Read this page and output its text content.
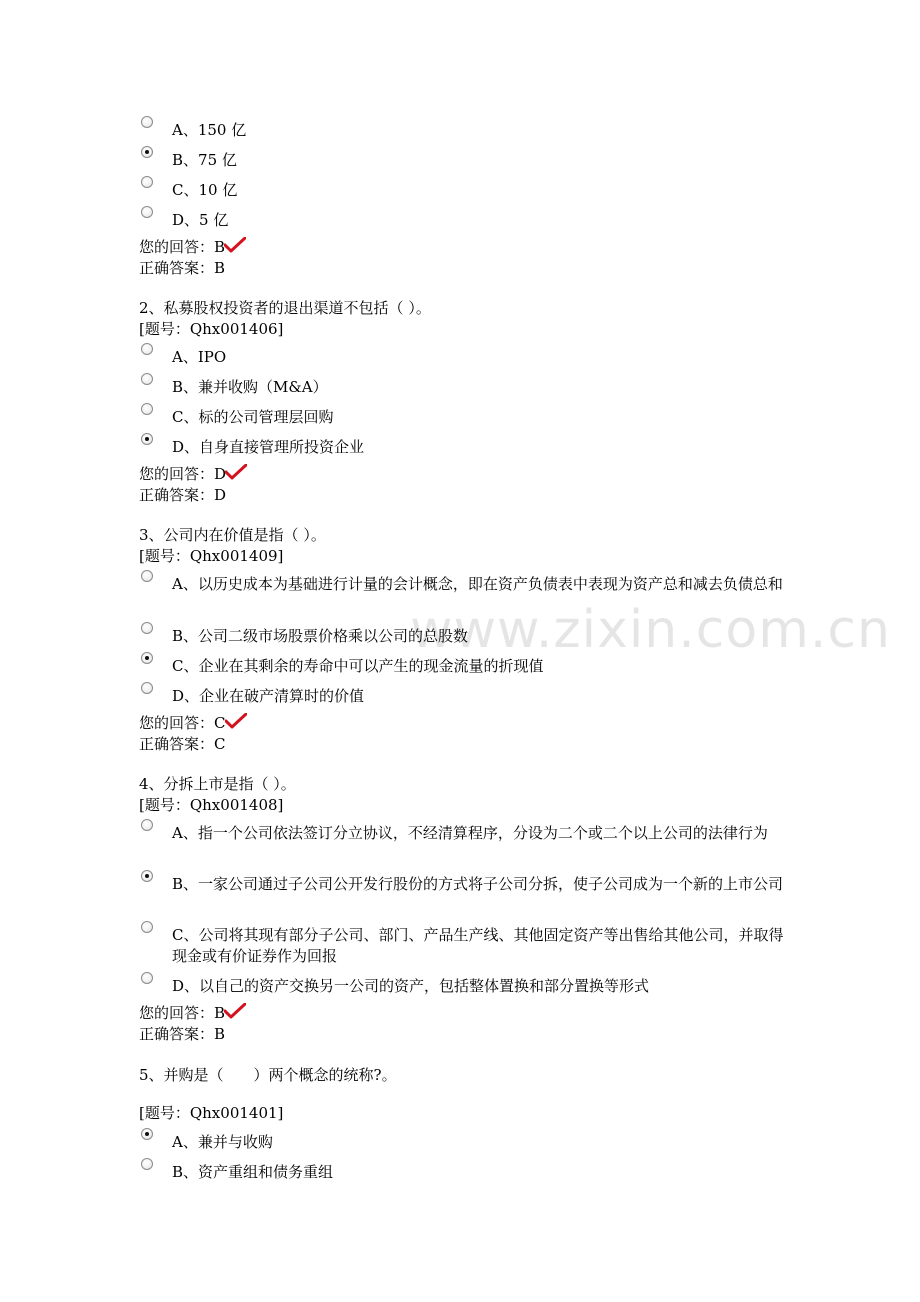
www.zixin.com.cn
A、150 亿
B、75 亿
C、10 亿
D、5 亿
您的回答：B
正确答案：B
2、私募股权投资者的退出渠道不包括（ ）。
[题号：Qhx001406]
A、IPO
B、兼并收购（M&A）
C、标的公司管理层回购
D、自身直接管理所投资企业
您的回答：D
正确答案：D
3、公司内在价值是指（ ）。
[题号：Qhx001409]
A、以历史成本为基础进行计量的会计概念，即在资产负债表中表现为资产总和减去负债总和
B、公司二级市场股票价格乘以公司的总股数
C、企业在其剩余的寿命中可以产生的现金流量的折现值
D、企业在破产清算时的价值
您的回答：C
正确答案：C
4、分拆上市是指（ ）。
[题号：Qhx001408]
A、指一个公司依法签订分立协议，不经清算程序，分设为二个或二个以上公司的法律行为
B、一家公司通过子公司公开发行股份的方式将子公司分拆，使子公司成为一个新的上市公司
C、公司将其现有部分子公司、部门、产品生产线、其他固定资产等出售给其他公司，并取得现金或有价证券作为回报
D、以自己的资产交换另一公司的资产，包括整体置换和部分置换等形式
您的回答：B
正确答案：B
5、并购是（　　）两个概念的统称?。
[题号：Qhx001401]
A、兼并与收购
B、资产重组和债务重组
